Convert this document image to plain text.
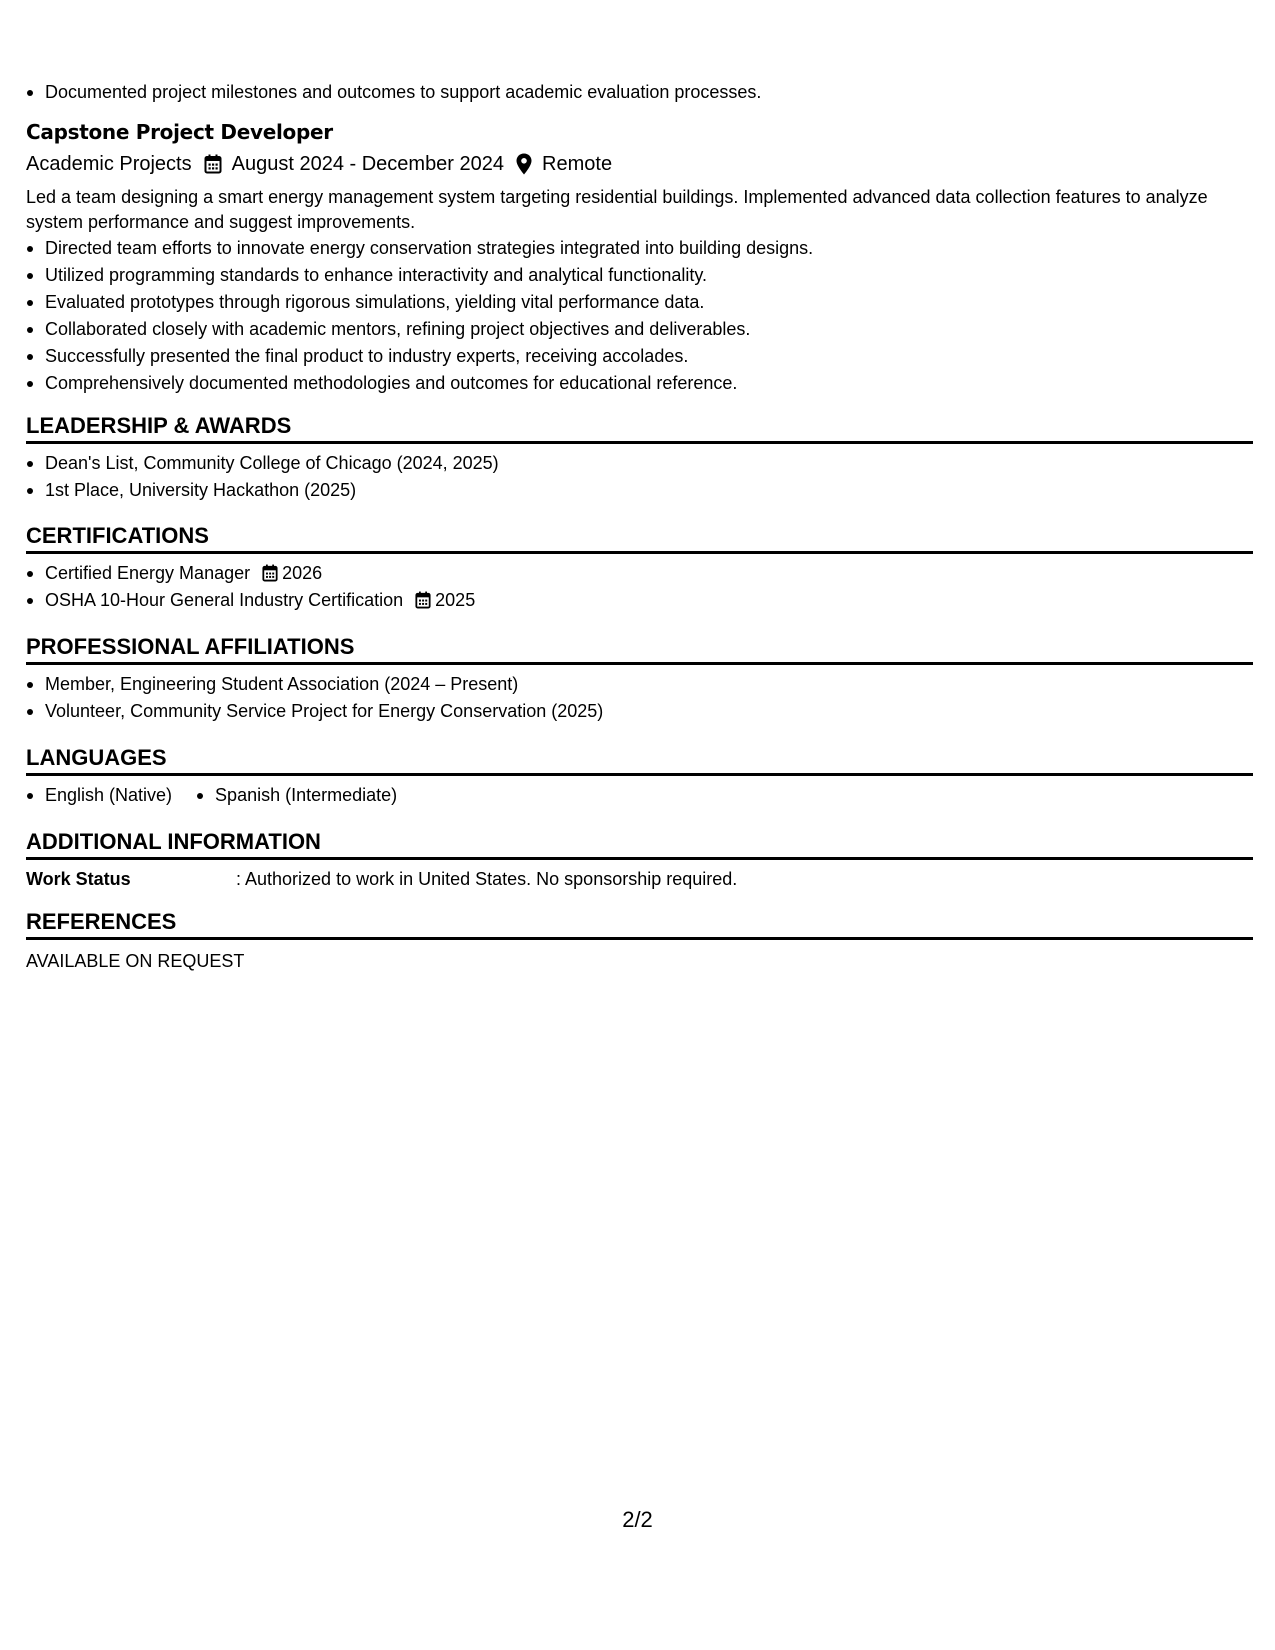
Documented project milestones and outcomes to support academic evaluation processes.
Capstone Project Developer
Academic Projects August 2024 - December 2024 Remote
Led a team designing a smart energy management system targeting residential buildings. Implemented advanced data collection features to analyze system performance and suggest improvements.
Directed team efforts to innovate energy conservation strategies integrated into building designs.
Utilized programming standards to enhance interactivity and analytical functionality.
Evaluated prototypes through rigorous simulations, yielding vital performance data.
Collaborated closely with academic mentors, refining project objectives and deliverables.
Successfully presented the final product to industry experts, receiving accolades.
Comprehensively documented methodologies and outcomes for educational reference.
LEADERSHIP & AWARDS
Dean's List, Community College of Chicago (2024, 2025)
1st Place, University Hackathon (2025)
CERTIFICATIONS
Certified Energy Manager 2026
OSHA 10-Hour General Industry Certification 2025
PROFESSIONAL AFFILIATIONS
Member, Engineering Student Association (2024 – Present)
Volunteer, Community Service Project for Energy Conservation (2025)
LANGUAGES
English (Native)	Spanish (Intermediate)
ADDITIONAL INFORMATION
Work Status	: Authorized to work in United States. No sponsorship required.
REFERENCES
AVAILABLE ON REQUEST
2/2
